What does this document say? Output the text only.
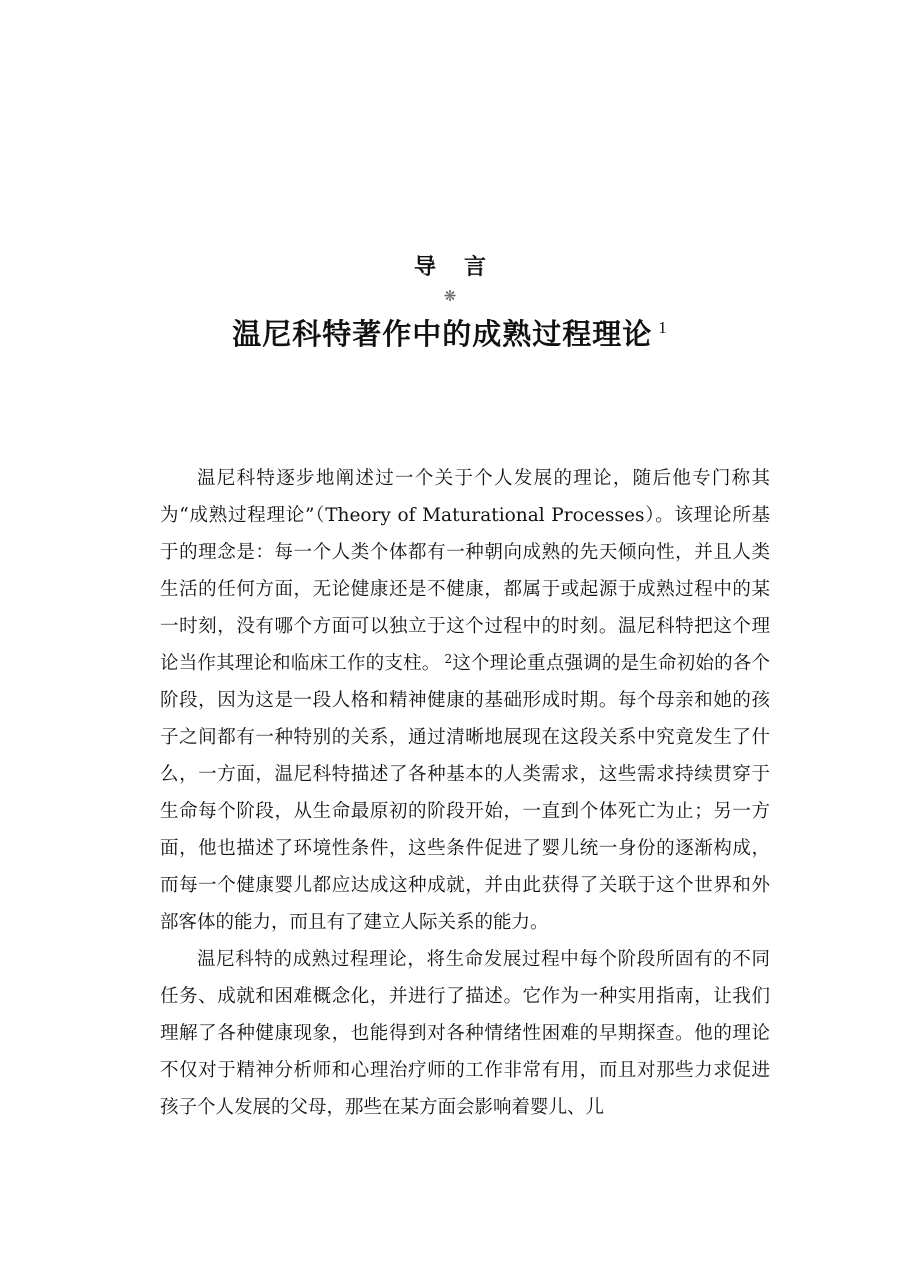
导言
❋
温尼科特著作中的成熟过程理论 $^1$

温尼科特逐步地阐述过一个关于个人发展的理论，随后他专门称其为“成熟过程理论”（Theory of Maturational Processes）。该理论所基于的理念是：每一个人类个体都有一种朝向成熟的先天倾向性，并且人类生活的任何方面，无论健康还是不健康，都属于或起源于成熟过程中的某一时刻，没有哪个方面可以独立于这个过程中的时刻。温尼科特把这个理论当作其理论和临床工作的支柱。 $^2$这个理论重点强调的是生命初始的各个阶段，因为这是一段人格和精神健康的基础形成时期。每个母亲和她的孩子之间都有一种特别的关系，通过清晰地展现在这段关系中究竟发生了什么，一方面，温尼科特描述了各种基本的人类需求，这些需求持续贯穿于生命每个阶段，从生命最原初的阶段开始，一直到个体死亡为止；另一方面，他也描述了环境性条件，这些条件促进了婴儿统一身份的逐渐构成，而每一个健康婴儿都应达成这种成就，并由此获得了关联于这个世界和外部客体的能力，而且有了建立人际关系的能力。

温尼科特的成熟过程理论，将生命发展过程中每个阶段所固有的不同任务、成就和困难概念化，并进行了描述。它作为一种实用指南，让我们理解了各种健康现象，也能得到对各种情绪性困难的早期探查。他的理论不仅对于精神分析师和心理治疗师的工作非常有用，而且对那些力求促进孩子个人发展的父母，那些在某方面会影响着婴儿、儿
